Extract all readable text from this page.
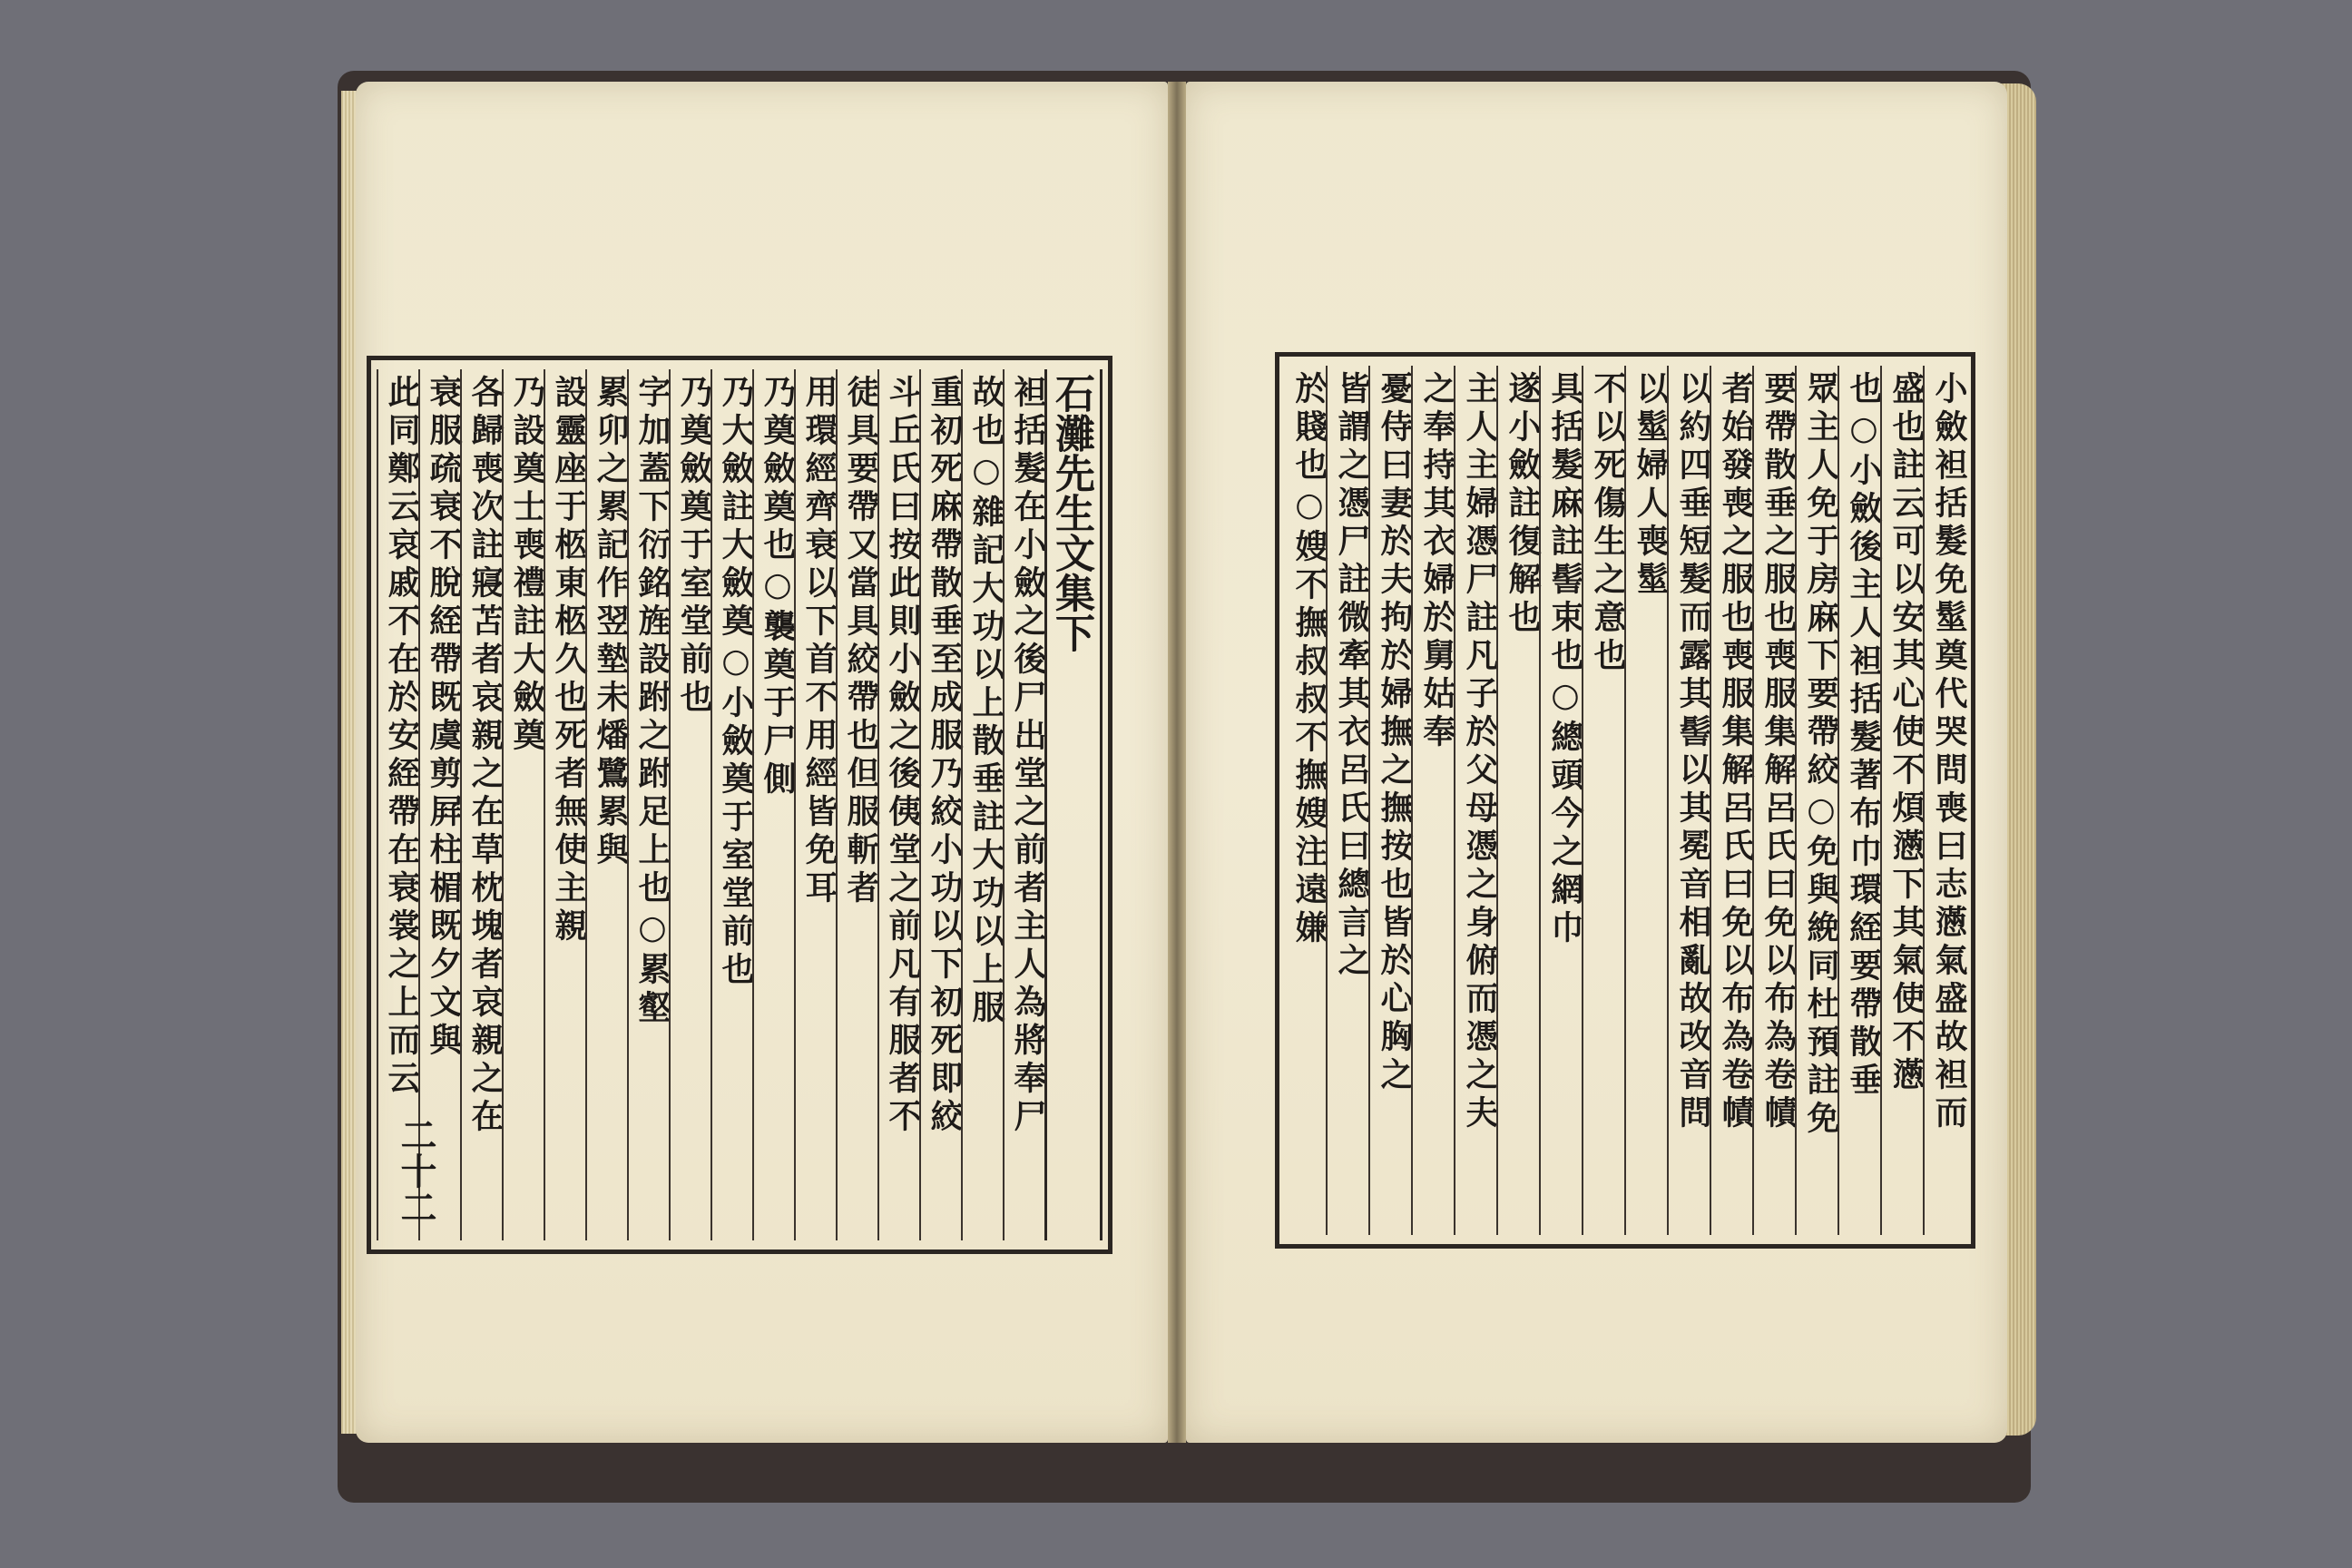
袒括髮在小斂之後尸出堂之前者主人為將奉尸
故也○雜記大功以上散垂註大功以上服
重初死麻帶散垂至成服乃絞小功以下初死即絞
斗丘氏曰按此則小斂之後侇堂之前凡有服者不
徒具要帶又當具絞帶也但服斬者
用環經齊衰以下首不用經皆免耳
乃奠斂奠也○襲奠于尸側
乃大斂註大斂奠○小斂奠于室堂前也
乃奠斂奠于室堂前也
字加蓋下衍銘旌設跗之跗足上也○累壑
累卯之累記作翌墊未燔鷺累與
設靈座于柩東柩久也死者無使主親
乃設奠士喪禮註大斂奠
各歸喪次註寢苫者哀親之在草枕塊者哀親之在
衰服疏衰不脫絰帶既虞剪屛柱楣既夕文與
此同鄭云哀戚不在於安絰帶在衰裳之上而云	石灘先生文集下
二十二
小斂袒括髮免髽奠代哭問喪曰志懣氣盛故袒而
盛也註云可以安其心使不煩懣下其氣使不懣
也○小斂後主人袒括髮著布巾環絰要帶散垂
眾主人免于房麻下要帶絞○免與絻同杜預註免
要帶散垂之服也喪服集解呂氏曰免以布為卷幘
者始發喪之服也喪服集解呂氏曰免以布為卷幘
以約四垂短髮而露其髻以其冕音相亂故改音問
以髽婦人喪髽
不以死傷生之意也
具括髮麻註髻束也○總頭今之網巾
遂小斂註復解也
主人主婦憑尸註凡子於父母憑之身俯而憑之夫
之奉持其衣婦於舅姑奉
憂侍曰妻於夫拘於婦撫之撫按也皆於心胸之
皆謂之憑尸註微牽其衣呂氏曰總言之
於賤也○嫂不撫叔叔不撫嫂注遠嫌
